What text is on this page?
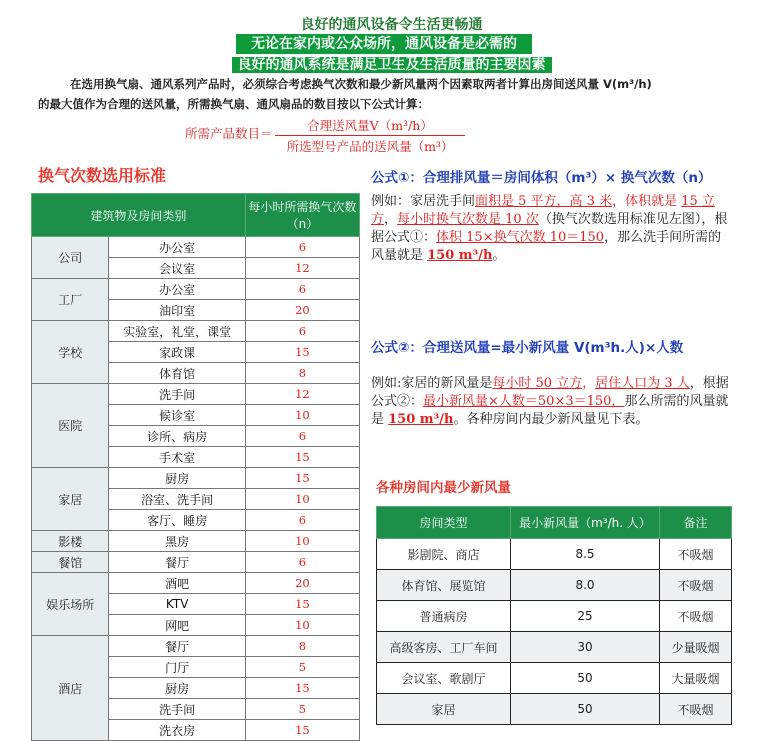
良好的通风设备令生活更畅通
无论在家内或公众场所，通风设备是必需的
良好的通风系统是满足卫生及生活质量的主要因素
在选用换气扇、通风系列产品时，必须综合考虑换气次数和最少新风量两个因素取两者计算出房间送风量 V(m³/h)
的最大值作为合理的送风量，所需换气扇、通风扇品的数目按以下公式计算：
所需产品数目＝
合理送风量V（m³/h）
所选型号产品的送风量（m³）
换气次数选用标准
建筑物及房间类别		每小时所需换气次数（n）
公司	办公室	6
	会议室	12
工厂	办公室	6
	油印室	20
学校	实验室，礼堂，课堂	6
	家政课	15
	体育馆	8
医院	洗手间	12
	候诊室	10
	诊所、病房	6
	手术室	15
家居	厨房	15
	浴室、洗手间	10
	客厅、睡房	6
影楼	黑房	10
餐馆	餐厅	6
娱乐场所	酒吧	20
	KTV	15
	网吧	10
酒店	餐厅	8
	门厅	5
	厨房	15
	洗手间	5
	洗衣房	15
公式①：合理排风量＝房间体积（m³）× 换气次数（n）
例如：家居洗手间面积是 5 平方，高 3 米，体积就是 15 立方，每小时换气次数是 10 次（换气次数选用标准见左图），根据公式①：体积 15×换气次数 10＝150，那么洗手间所需的风量就是 150 m³/h。
公式②：合理送风量=最小新风量 V(m³h.人)×人数
例如:家居的新风量是每小时 50 立方，居住人口为 3 人，根据公式②：最小新风量×人数＝50×3＝150，那么所需的风量就是 150 m³/h。各种房间内最少新风量见下表。
各种房间内最少新风量
房间类型	最小新风量（m³/h. 人）	备注
影剧院、商店	8.5	不吸烟
体育馆、展览馆	8.0	不吸烟
普通病房	25	不吸烟
高级客房、工厂车间	30	少量吸烟
会议室、歌剧厅	50	大量吸烟
家居	50	不吸烟
